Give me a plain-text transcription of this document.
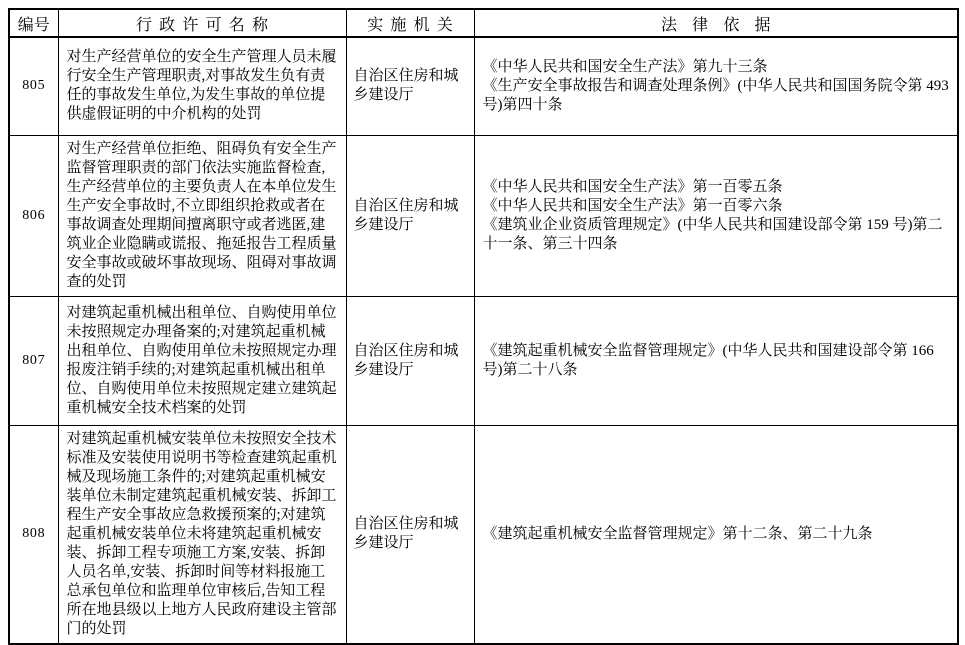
编号	行政许可名称	实施机关	法律依据
805	对生产经营单位的安全生产管理人员未履行安全生产管理职责,对事故发生负有责任的事故发生单位,为发生事故的单位提供虚假证明的中介机构的处罚	自治区住房和城乡建设厅	《中华人民共和国安全生产法》第九十三条
《生产安全事故报告和调查处理条例》(中华人民共和国国务院令第 493 号)第四十条

806	对生产经营单位拒绝、阻碍负有安全生产监督管理职责的部门依法实施监督检查,生产经营单位的主要负责人在本单位发生生产安全事故时,不立即组织抢救或者在事故调查处理期间擅离职守或者逃匿,建筑业企业隐瞒或谎报、拖延报告工程质量安全事故或破坏事故现场、阻碍对事故调查的处罚	自治区住房和城乡建设厅	《中华人民共和国安全生产法》第一百零五条
《中华人民共和国安全生产法》第一百零六条
《建筑业企业资质管理规定》(中华人民共和国建设部令第 159 号)第二十一条、第三十四条

807	对建筑起重机械出租单位、自购使用单位未按照规定办理备案的;对建筑起重机械出租单位、自购使用单位未按照规定办理报废注销手续的;对建筑起重机械出租单位、自购使用单位未按照规定建立建筑起重机械安全技术档案的处罚	自治区住房和城乡建设厅	《建筑起重机械安全监督管理规定》(中华人民共和国建设部令第 166 号)第二十八条

808	对建筑起重机械安装单位未按照安全技术标准及安装使用说明书等检查建筑起重机械及现场施工条件的;对建筑起重机械安装单位未制定建筑起重机械安装、拆卸工程生产安全事故应急救援预案的;对建筑起重机械安装单位未将建筑起重机械安装、拆卸工程专项施工方案,安装、拆卸人员名单,安装、拆卸时间等材料报施工总承包单位和监理单位审核后,告知工程所在地县级以上地方人民政府建设主管部门的处罚	自治区住房和城乡建设厅	《建筑起重机械安全监督管理规定》第十二条、第二十九条
